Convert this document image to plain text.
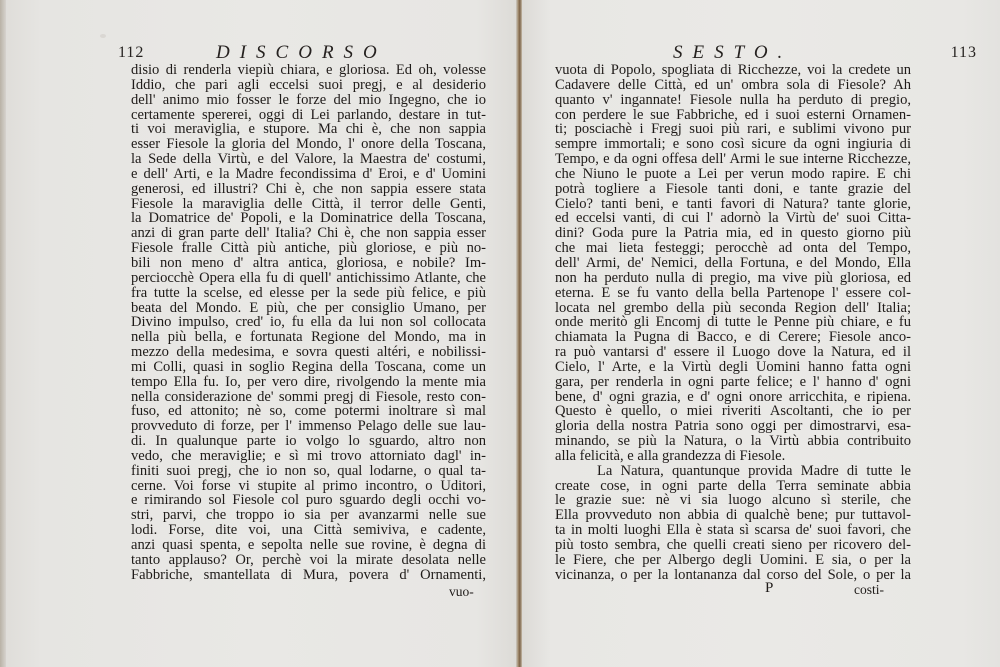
112	DISCORSO
disio di renderla viepiù chiara, e gloriosa. Ed oh, volesse
Iddio, che pari agli eccelsi suoi pregj, e al desiderio
dell' animo mio fosser le forze del mio Ingegno, che io
certamente spererei, oggi di Lei parlando, destare in tut-
ti voi meraviglia, e stupore. Ma chi è, che non sappia
esser Fiesole la gloria del Mondo, l' onore della Toscana,
la Sede della Virtù, e del Valore, la Maestra de' costumi,
e dell' Arti, e la Madre fecondissima d' Eroi, e d' Uomini
generosi, ed illustri? Chi è, che non sappia essere stata
Fiesole la maraviglia delle Città, il terror delle Genti,
la Domatrice de' Popoli, e la Dominatrice della Toscana,
anzi di gran parte dell' Italia? Chi è, che non sappia esser
Fiesole fralle Città più antiche, più gloriose, e più no-
bili non meno d' altra antica, gloriosa, e nobile? Im-
perciocchè Opera ella fu di quell' antichissimo Atlante, che
fra tutte la scelse, ed elesse per la sede più felice, e più
beata del Mondo. E più, che per consiglio Umano, per
Divino impulso, cred' io, fu ella da lui non sol collocata
nella più bella, e fortunata Regione del Mondo, ma in
mezzo della medesima, e sovra questi altéri, e nobilissi-
mi Colli, quasi in soglio Regina della Toscana, come un
tempo Ella fu. Io, per vero dire, rivolgendo la mente mia
nella considerazione de' sommi pregj di Fiesole, resto con-
fuso, ed attonito; nè so, come potermi inoltrare sì mal
provveduto di forze, per l' immenso Pelago delle sue lau-
di. In qualunque parte io volgo lo sguardo, altro non
vedo, che meraviglie; e sì mi trovo attorniato dagl' in-
finiti suoi pregj, che io non so, qual lodarne, o qual ta-
cerne. Voi forse vi stupite al primo incontro, o Uditori,
e rimirando sol Fiesole col puro sguardo degli occhi vo-
stri, parvi, che troppo io sia per avanzarmi nelle sue
lodi. Forse, dite voi, una Città semiviva, e cadente,
anzi quasi spenta, e sepolta nelle sue rovine, è degna di
tanto applauso? Or, perchè voi la mirate desolata nelle
Fabbriche, smantellata di Mura, povera d' Ornamenti,
vuo-
SESTO.	113
vuota di Popolo, spogliata di Ricchezze, voi la credete un
Cadavere delle Città, ed un' ombra sola di Fiesole? Ah
quanto v' ingannate! Fiesole nulla ha perduto di pregio,
con perdere le sue Fabbriche, ed i suoi esterni Ornamen-
ti; posciachè i Fregj suoi più rari, e sublimi vivono pur
sempre immortali; e sono così sicure da ogni ingiuria di
Tempo, e da ogni offesa dell' Armi le sue interne Ricchezze,
che Niuno le puote a Lei per verun modo rapire. E chi
potrà togliere a Fiesole tanti doni, e tante grazie del
Cielo? tanti beni, e tanti favori di Natura? tante glorie,
ed eccelsi vanti, di cui l' adornò la Virtù de' suoi Citta-
dini? Goda pure la Patria mia, ed in questo giorno più
che mai lieta festeggi; perocchè ad onta del Tempo,
dell' Armi, de' Nemici, della Fortuna, e del Mondo, Ella
non ha perduto nulla di pregio, ma vive più gloriosa, ed
eterna. E se fu vanto della bella Partenope l' essere col-
locata nel grembo della più seconda Region dell' Italia;
onde meritò gli Encomj di tutte le Penne più chiare, e fu
chiamata la Pugna di Bacco, e di Cerere; Fiesole anco-
ra può vantarsi d' essere il Luogo dove la Natura, ed il
Cielo, l' Arte, e la Virtù degli Uomini hanno fatta ogni
gara, per renderla in ogni parte felice; e l' hanno d' ogni
bene, d' ogni grazia, e d' ogni onore arricchita, e ripiena.
Questo è quello, o miei riveriti Ascoltanti, che io per
gloria della nostra Patria sono oggi per dimostrarvi, esa-
minando, se più la Natura, o la Virtù abbia contribuito
alla felicità, e alla grandezza di Fiesole.
La Natura, quantunque provida Madre di tutte le
create cose, in ogni parte della Terra seminate abbia
le grazie sue: nè vi sia luogo alcuno sì sterile, che
Ella provveduto non abbia di qualchè bene; pur tuttavol-
ta in molti luoghi Ella è stata sì scarsa de' suoi favori, che
più tosto sembra, che quelli creati sieno per ricovero del-
le Fiere, che per Albergo degli Uomini. E sia, o per la
vicinanza, o per la lontananza dal corso del Sole, o per la
P	costi-
